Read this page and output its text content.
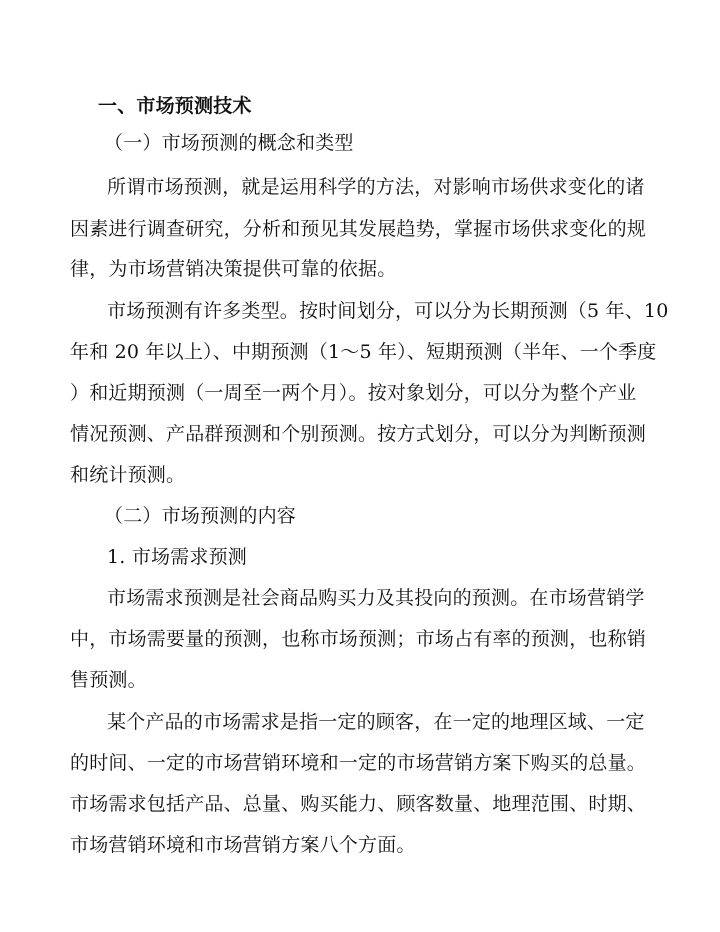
一、市场预测技术
（一）市场预测的概念和类型
所谓市场预测，就是运用科学的方法，对影响市场供求变化的诸
因素进行调查研究，分析和预见其发展趋势，掌握市场供求变化的规
律，为市场营销决策提供可靠的依据。
市场预测有许多类型。按时间划分，可以分为长期预测（5 年、10
年和 20 年以上）、中期预测（1～5 年）、短期预测（半年、一个季度
）和近期预测（一周至一两个月）。按对象划分，可以分为整个产业
情况预测、产品群预测和个别预测。按方式划分，可以分为判断预测
和统计预测。
（二）市场预测的内容
1. 市场需求预测
市场需求预测是社会商品购买力及其投向的预测。在市场营销学
中，市场需要量的预测，也称市场预测；市场占有率的预测，也称销
售预测。
某个产品的市场需求是指一定的顾客，在一定的地理区域、一定
的时间、一定的市场营销环境和一定的市场营销方案下购买的总量。
市场需求包括产品、总量、购买能力、顾客数量、地理范围、时期、
市场营销环境和市场营销方案八个方面。
